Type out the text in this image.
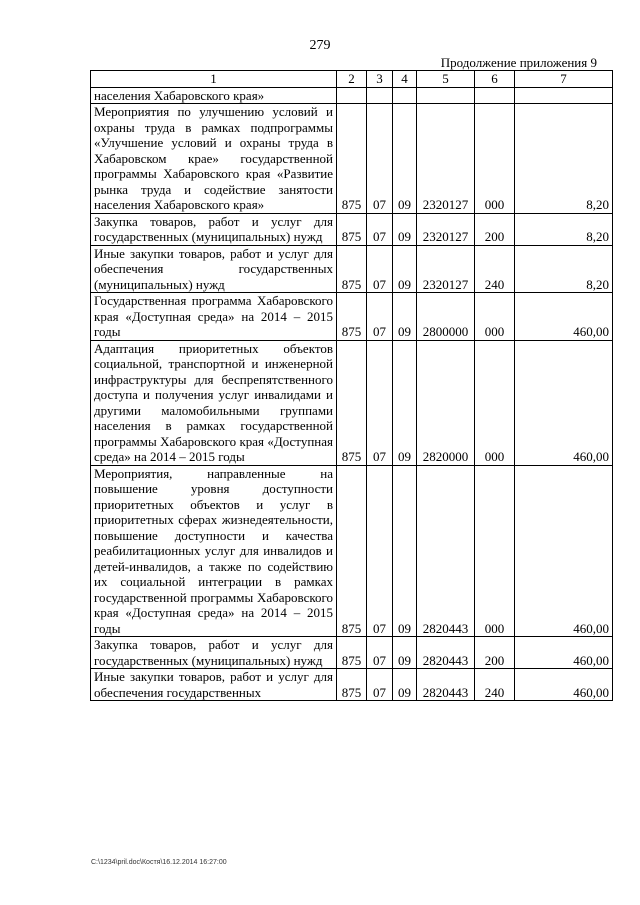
279
Продолжение приложения 9
1	2	3	4	5	6	7
населения Хабаровского края»						
Мероприятия по улучшению условий и охраны труда в рамках подпрограммы «Улучшение условий и охраны труда в Хабаровском крае» государственной программы Хабаровского края «Развитие рынка труда и содействие занятости населения Хабаровского края»	875	07	09	2320127	000	8,20
Закупка товаров, работ и услуг для государственных (муниципальных) нужд	875	07	09	2320127	200	8,20
Иные закупки товаров, работ и услуг для обеспечения государственных (муниципальных) нужд	875	07	09	2320127	240	8,20
Государственная программа Хабаровского края «Доступная среда» на 2014 – 2015 годы	875	07	09	2800000	000	460,00
Адаптация приоритетных объектов социальной, транспортной и инженерной инфраструктуры для беспрепятственного доступа и получения услуг инвалидами и другими маломобильными группами населения в рамках государственной программы Хабаровского края «Доступная среда» на 2014 – 2015 годы	875	07	09	2820000	000	460,00
Мероприятия, направленные на повышение уровня доступности приоритетных объектов и услуг в приоритетных сферах жизнедеятельности, повышение доступности и качества реабилитационных услуг для инвалидов и детей-инвалидов, а также по содействию их социальной интеграции в рамках государственной программы Хабаровского края «Доступная среда» на 2014 – 2015 годы	875	07	09	2820443	000	460,00
Закупка товаров, работ и услуг для государственных (муниципальных) нужд	875	07	09	2820443	200	460,00
Иные закупки товаров, работ и услуг для обеспечения государственных	875	07	09	2820443	240	460,00
C:\1234\pril.doc\Костя\16.12.2014 16:27:00
